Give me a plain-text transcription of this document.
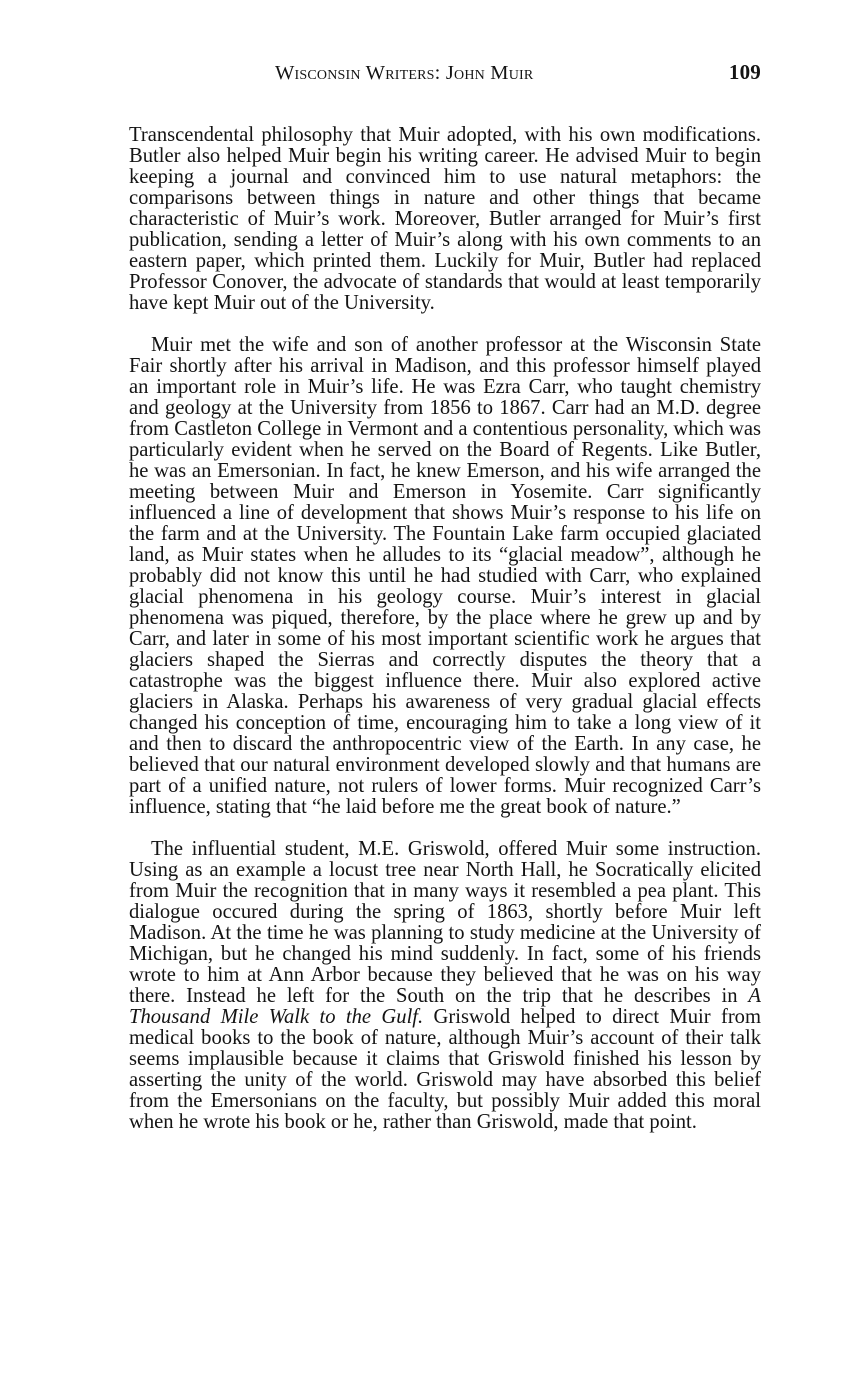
Wisconsin Writers: John Muir	109

Transcendental philosophy that Muir adopted, with his own modifications. Butler also helped Muir begin his writing career. He advised Muir to begin keeping a journal and convinced him to use natural metaphors: the comparisons between things in nature and other things that became characteristic of Muir’s work. Moreover, Butler arranged for Muir’s first publication, sending a letter of Muir’s along with his own comments to an eastern paper, which printed them. Luckily for Muir, Butler had replaced Professor Conover, the advocate of standards that would at least temporarily have kept Muir out of the University.

Muir met the wife and son of another professor at the Wisconsin State Fair shortly after his arrival in Madison, and this professor himself played an important role in Muir’s life. He was Ezra Carr, who taught chemistry and geology at the University from 1856 to 1867. Carr had an M.D. degree from Castleton College in Vermont and a contentious personality, which was particularly evident when he served on the Board of Regents. Like Butler, he was an Emersonian. In fact, he knew Emerson, and his wife arranged the meeting between Muir and Emerson in Yosemite. Carr significantly influenced a line of development that shows Muir’s response to his life on the farm and at the University. The Fountain Lake farm occupied glaciated land, as Muir states when he alludes to its “glacial meadow”, although he probably did not know this until he had studied with Carr, who explained glacial phenomena in his geology course. Muir’s interest in glacial phenomena was piqued, therefore, by the place where he grew up and by Carr, and later in some of his most important scientific work he argues that glaciers shaped the Sierras and correctly disputes the theory that a catastrophe was the biggest influence there. Muir also explored active glaciers in Alaska. Perhaps his awareness of very gradual glacial effects changed his conception of time, encouraging him to take a long view of it and then to discard the anthropocentric view of the Earth. In any case, he believed that our natural environment developed slowly and that humans are part of a unified nature, not rulers of lower forms. Muir recognized Carr’s influence, stating that “he laid before me the great book of nature.”

The influential student, M.E. Griswold, offered Muir some instruction. Using as an example a locust tree near North Hall, he Socratically elicited from Muir the recognition that in many ways it resembled a pea plant. This dialogue occured during the spring of 1863, shortly before Muir left Madison. At the time he was planning to study medicine at the University of Michigan, but he changed his mind suddenly. In fact, some of his friends wrote to him at Ann Arbor because they believed that he was on his way there. Instead he left for the South on the trip that he describes in A Thousand Mile Walk to the Gulf. Griswold helped to direct Muir from medical books to the book of nature, although Muir’s account of their talk seems implausible because it claims that Griswold finished his lesson by asserting the unity of the world. Griswold may have absorbed this belief from the Emersonians on the faculty, but possibly Muir added this moral when he wrote his book or he, rather than Griswold, made that point.
